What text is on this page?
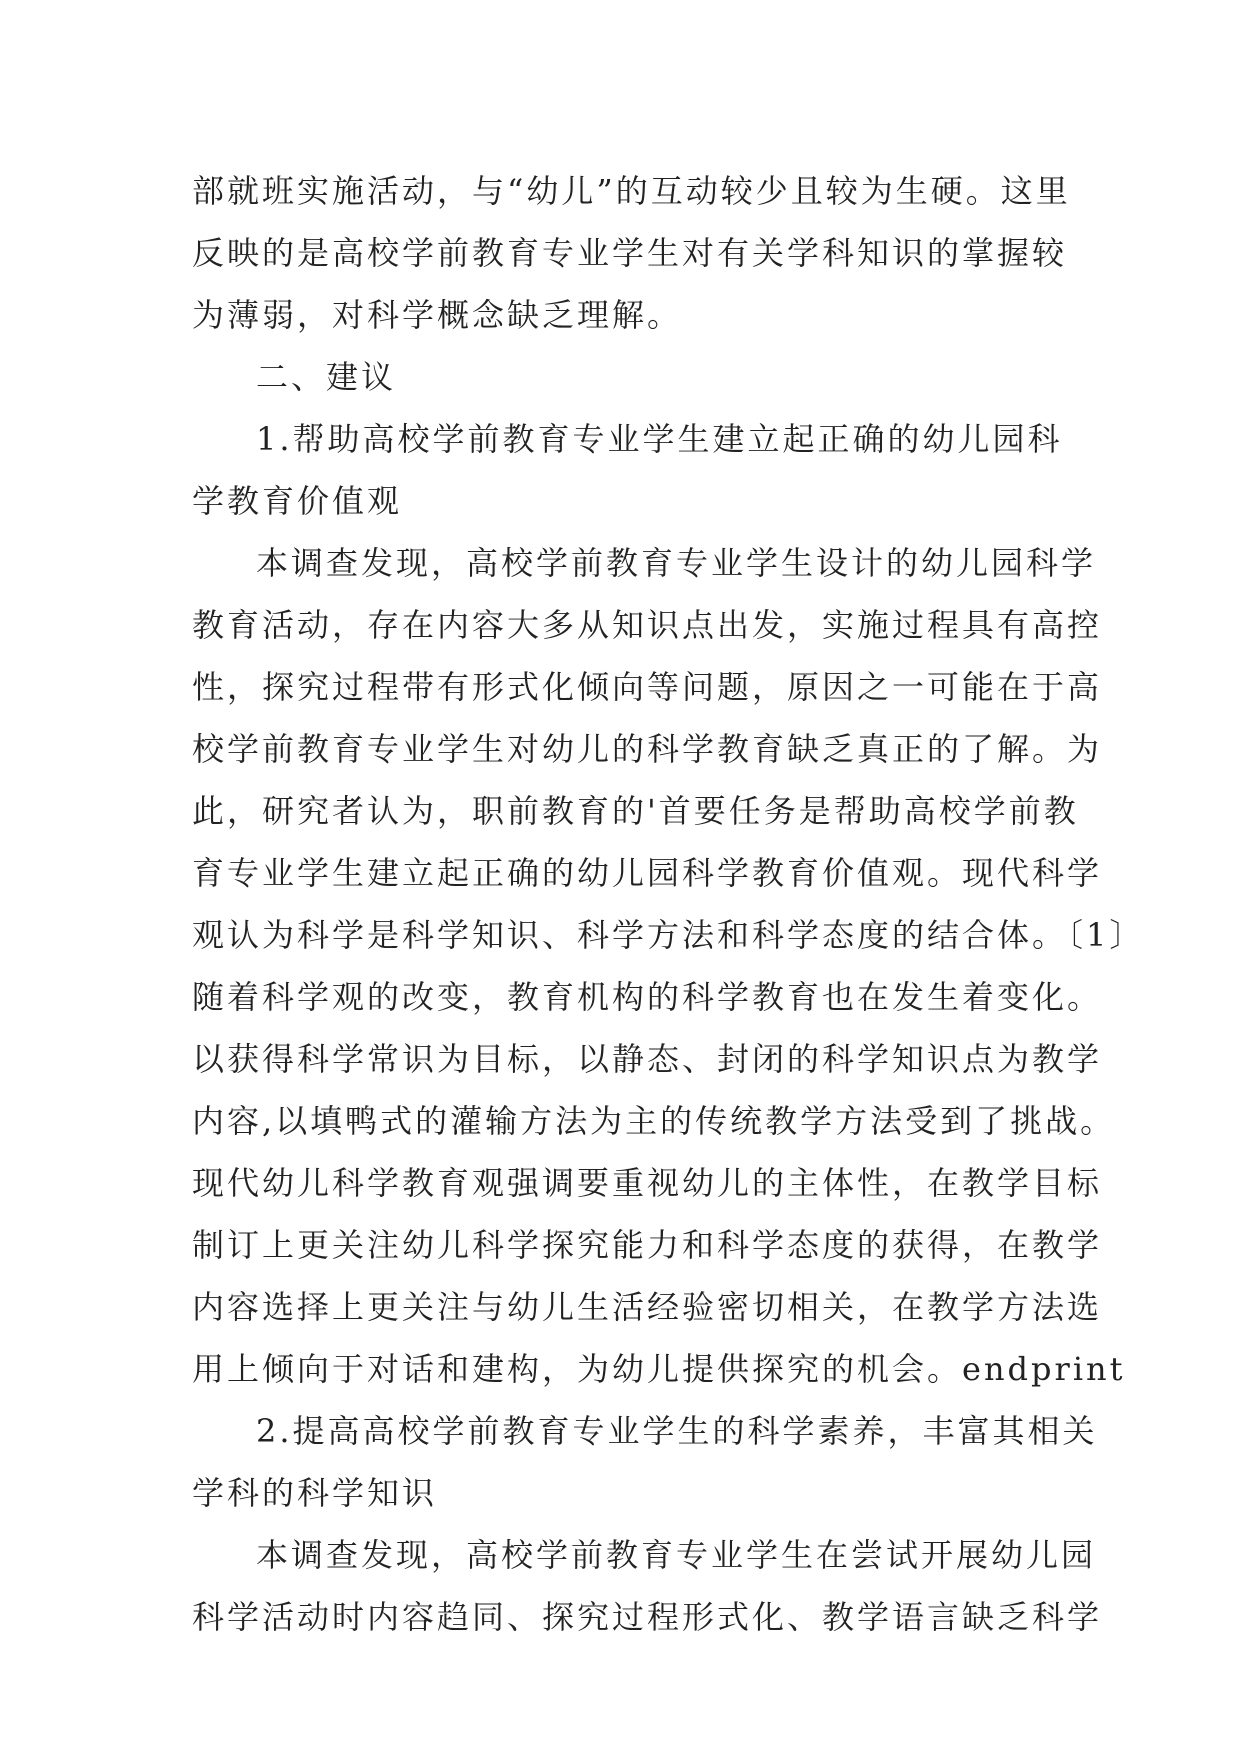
部就班实施活动，与“幼儿”的互动较少且较为生硬。这里
反映的是高校学前教育专业学生对有关学科知识的掌握较
为薄弱，对科学概念缺乏理解。
二、建议
1.帮助高校学前教育专业学生建立起正确的幼儿园科
学教育价值观
本调查发现，高校学前教育专业学生设计的幼儿园科学
教育活动，存在内容大多从知识点出发，实施过程具有高控
性，探究过程带有形式化倾向等问题，原因之一可能在于高
校学前教育专业学生对幼儿的科学教育缺乏真正的了解。为
此，研究者认为，职前教育的'首要任务是帮助高校学前教
育专业学生建立起正确的幼儿园科学教育价值观。现代科学
观认为科学是科学知识、科学方法和科学态度的结合体。〔1〕
随着科学观的改变，教育机构的科学教育也在发生着变化。
以获得科学常识为目标，以静态、封闭的科学知识点为教学
内容,以填鸭式的灌输方法为主的传统教学方法受到了挑战。
现代幼儿科学教育观强调要重视幼儿的主体性，在教学目标
制订上更关注幼儿科学探究能力和科学态度的获得，在教学
内容选择上更关注与幼儿生活经验密切相关，在教学方法选
用上倾向于对话和建构，为幼儿提供探究的机会。endprint
2.提高高校学前教育专业学生的科学素养，丰富其相关
学科的科学知识
本调查发现，高校学前教育专业学生在尝试开展幼儿园
科学活动时内容趋同、探究过程形式化、教学语言缺乏科学
